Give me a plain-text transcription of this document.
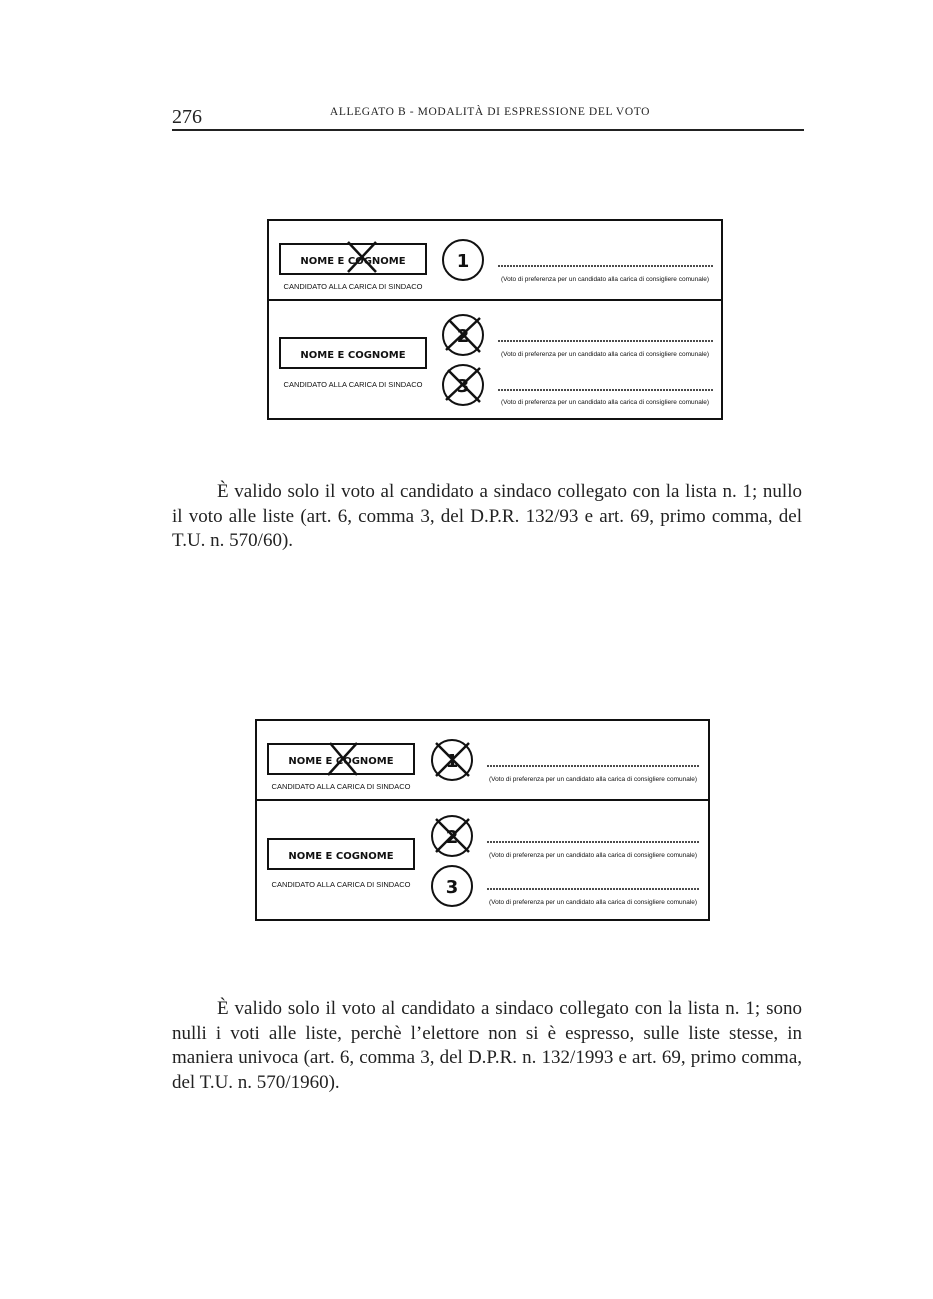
276	ALLEGATO B - MODALITÀ DI ESPRESSIONE DEL VOTO
NOME E COGNOME
CANDIDATO ALLA CARICA DI SINDACO
CANDIDATO ALLA CARICA DI SINDACO
NOME E COGNOME
1
2
3
(Voto di preferenza per un candidato alla carica di consigliere comunale)
(Voto di preferenza per un candidato alla carica di consigliere comunale)
(Voto di preferenza per un candidato alla carica di consigliere comunale)
NOME E COGNOME
CANDIDATO ALLA CARICA DI SINDACO
NOME E COGNOME
CANDIDATO ALLA CARICA DI SINDACO
1
2
3
(Voto di preferenza per un candidato alla carica di consigliere comunale)
(Voto di preferenza per un candidato alla carica di consigliere comunale)
(Voto di preferenza per un candidato alla carica di consigliere comunale)
È valido solo il voto al candidato a sindaco collegato con la lista n. 1; nullo il voto alle liste (art. 6, comma 3, del D.P.R. 132/93 e art. 69, primo comma, del T.U. n. 570/60).
È valido solo il voto al candidato a sindaco collegato con la lista n. 1; sono nulli i voti alle liste, perchè l’elettore non si è espresso, sulle liste stesse, in maniera univoca (art. 6, comma 3, del D.P.R. n. 132/1993 e art. 69, primo comma, del T.U. n. 570/1960).
